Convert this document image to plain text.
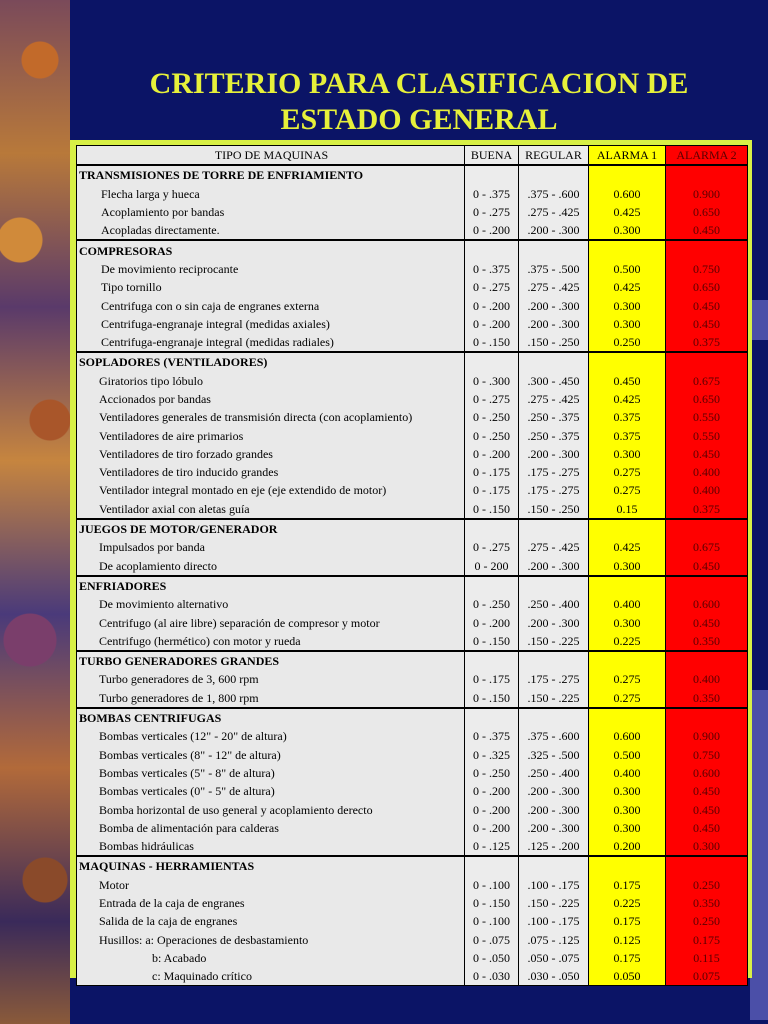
CRITERIO PARA CLASIFICACION DE
ESTADO GENERAL
TIPO DE MAQUINAS	BUENA	REGULAR	ALARMA 1	ALARMA 2
TRANSMISIONES DE TORRE DE ENFRIAMIENTO				
Flecha larga y hueca	0 - .375	.375 - .600	0.600	0.900
Acoplamiento por bandas	0 - .275	.275 - .425	0.425	0.650
Acopladas directamente.	0 - .200	.200 - .300	0.300	0.450
COMPRESORAS				
De movimiento reciprocante	0 - .375	.375 - .500	0.500	0.750
Tipo tornillo	0 - .275	.275 - .425	0.425	0.650
Centrifuga con o sin caja de engranes externa	0 - .200	.200 - .300	0.300	0.450
Centrifuga-engranaje integral (medidas axiales)	0 - .200	.200 - .300	0.300	0.450
Centrifuga-engranaje integral (medidas radiales)	0 - .150	.150 - .250	0.250	0.375
SOPLADORES (VENTILADORES)				
Giratorios tipo lóbulo	0 - .300	.300 - .450	0.450	0.675
Accionados por bandas	0 - .275	.275 - .425	0.425	0.650
Ventiladores generales de transmisión directa (con acoplamiento)	0 - .250	.250 - .375	0.375	0.550
Ventiladores de aire primarios	0 - .250	.250 - .375	0.375	0.550
Ventiladores de tiro forzado grandes	0 - .200	.200 - .300	0.300	0.450
Ventiladores de tiro inducido grandes	0 - .175	.175 - .275	0.275	0.400
Ventilador integral montado en eje (eje extendido de motor)	0 - .175	.175 - .275	0.275	0.400
Ventilador axial con aletas guía	0 - .150	.150 - .250	0.15	0.375
JUEGOS DE MOTOR/GENERADOR				
Impulsados por banda	0 - .275	.275 - .425	0.425	0.675
De acoplamiento directo	0 - 200	.200 - .300	0.300	0.450
ENFRIADORES				
De movimiento alternativo	0 - .250	.250 - .400	0.400	0.600
Centrifugo (al aire libre) separación de compresor y motor	0 - .200	.200 - .300	0.300	0.450
Centrifugo (hermético) con motor y rueda	0 - .150	.150 - .225	0.225	0.350
TURBO GENERADORES GRANDES				
Turbo generadores de 3, 600 rpm	0 - .175	.175 - .275	0.275	0.400
Turbo generadores de 1, 800 rpm	0 - .150	.150 - .225	0.275	0.350
BOMBAS CENTRIFUGAS				
Bombas verticales (12" - 20" de altura)	0 - .375	.375 - .600	0.600	0.900
Bombas verticales (8" - 12" de altura)	0 - .325	.325 - .500	0.500	0.750
Bombas verticales (5" - 8" de altura)	0 - .250	.250 - .400	0.400	0.600
Bombas verticales (0" - 5" de altura)	0 - .200	.200 - .300	0.300	0.450
Bomba horizontal de uso general y acoplamiento derecto	0 - .200	.200 - .300	0.300	0.450
Bomba de alimentación para calderas	0 - .200	.200 - .300	0.300	0.450
Bombas hidráulicas	0 - .125	.125 - .200	0.200	0.300
MAQUINAS - HERRAMIENTAS				
Motor	0 - .100	.100 - .175	0.175	0.250
Entrada de la caja de engranes	0 - .150	.150 - .225	0.225	0.350
Salida de la caja de engranes	0 - .100	.100 - .175	0.175	0.250
Husillos: a: Operaciones de desbastamiento	0 - .075	.075 - .125	0.125	0.175
b: Acabado	0 - .050	.050 - .075	0.175	0.115
c: Maquinado crítico	0 - .030	.030 - .050	0.050	0.075
